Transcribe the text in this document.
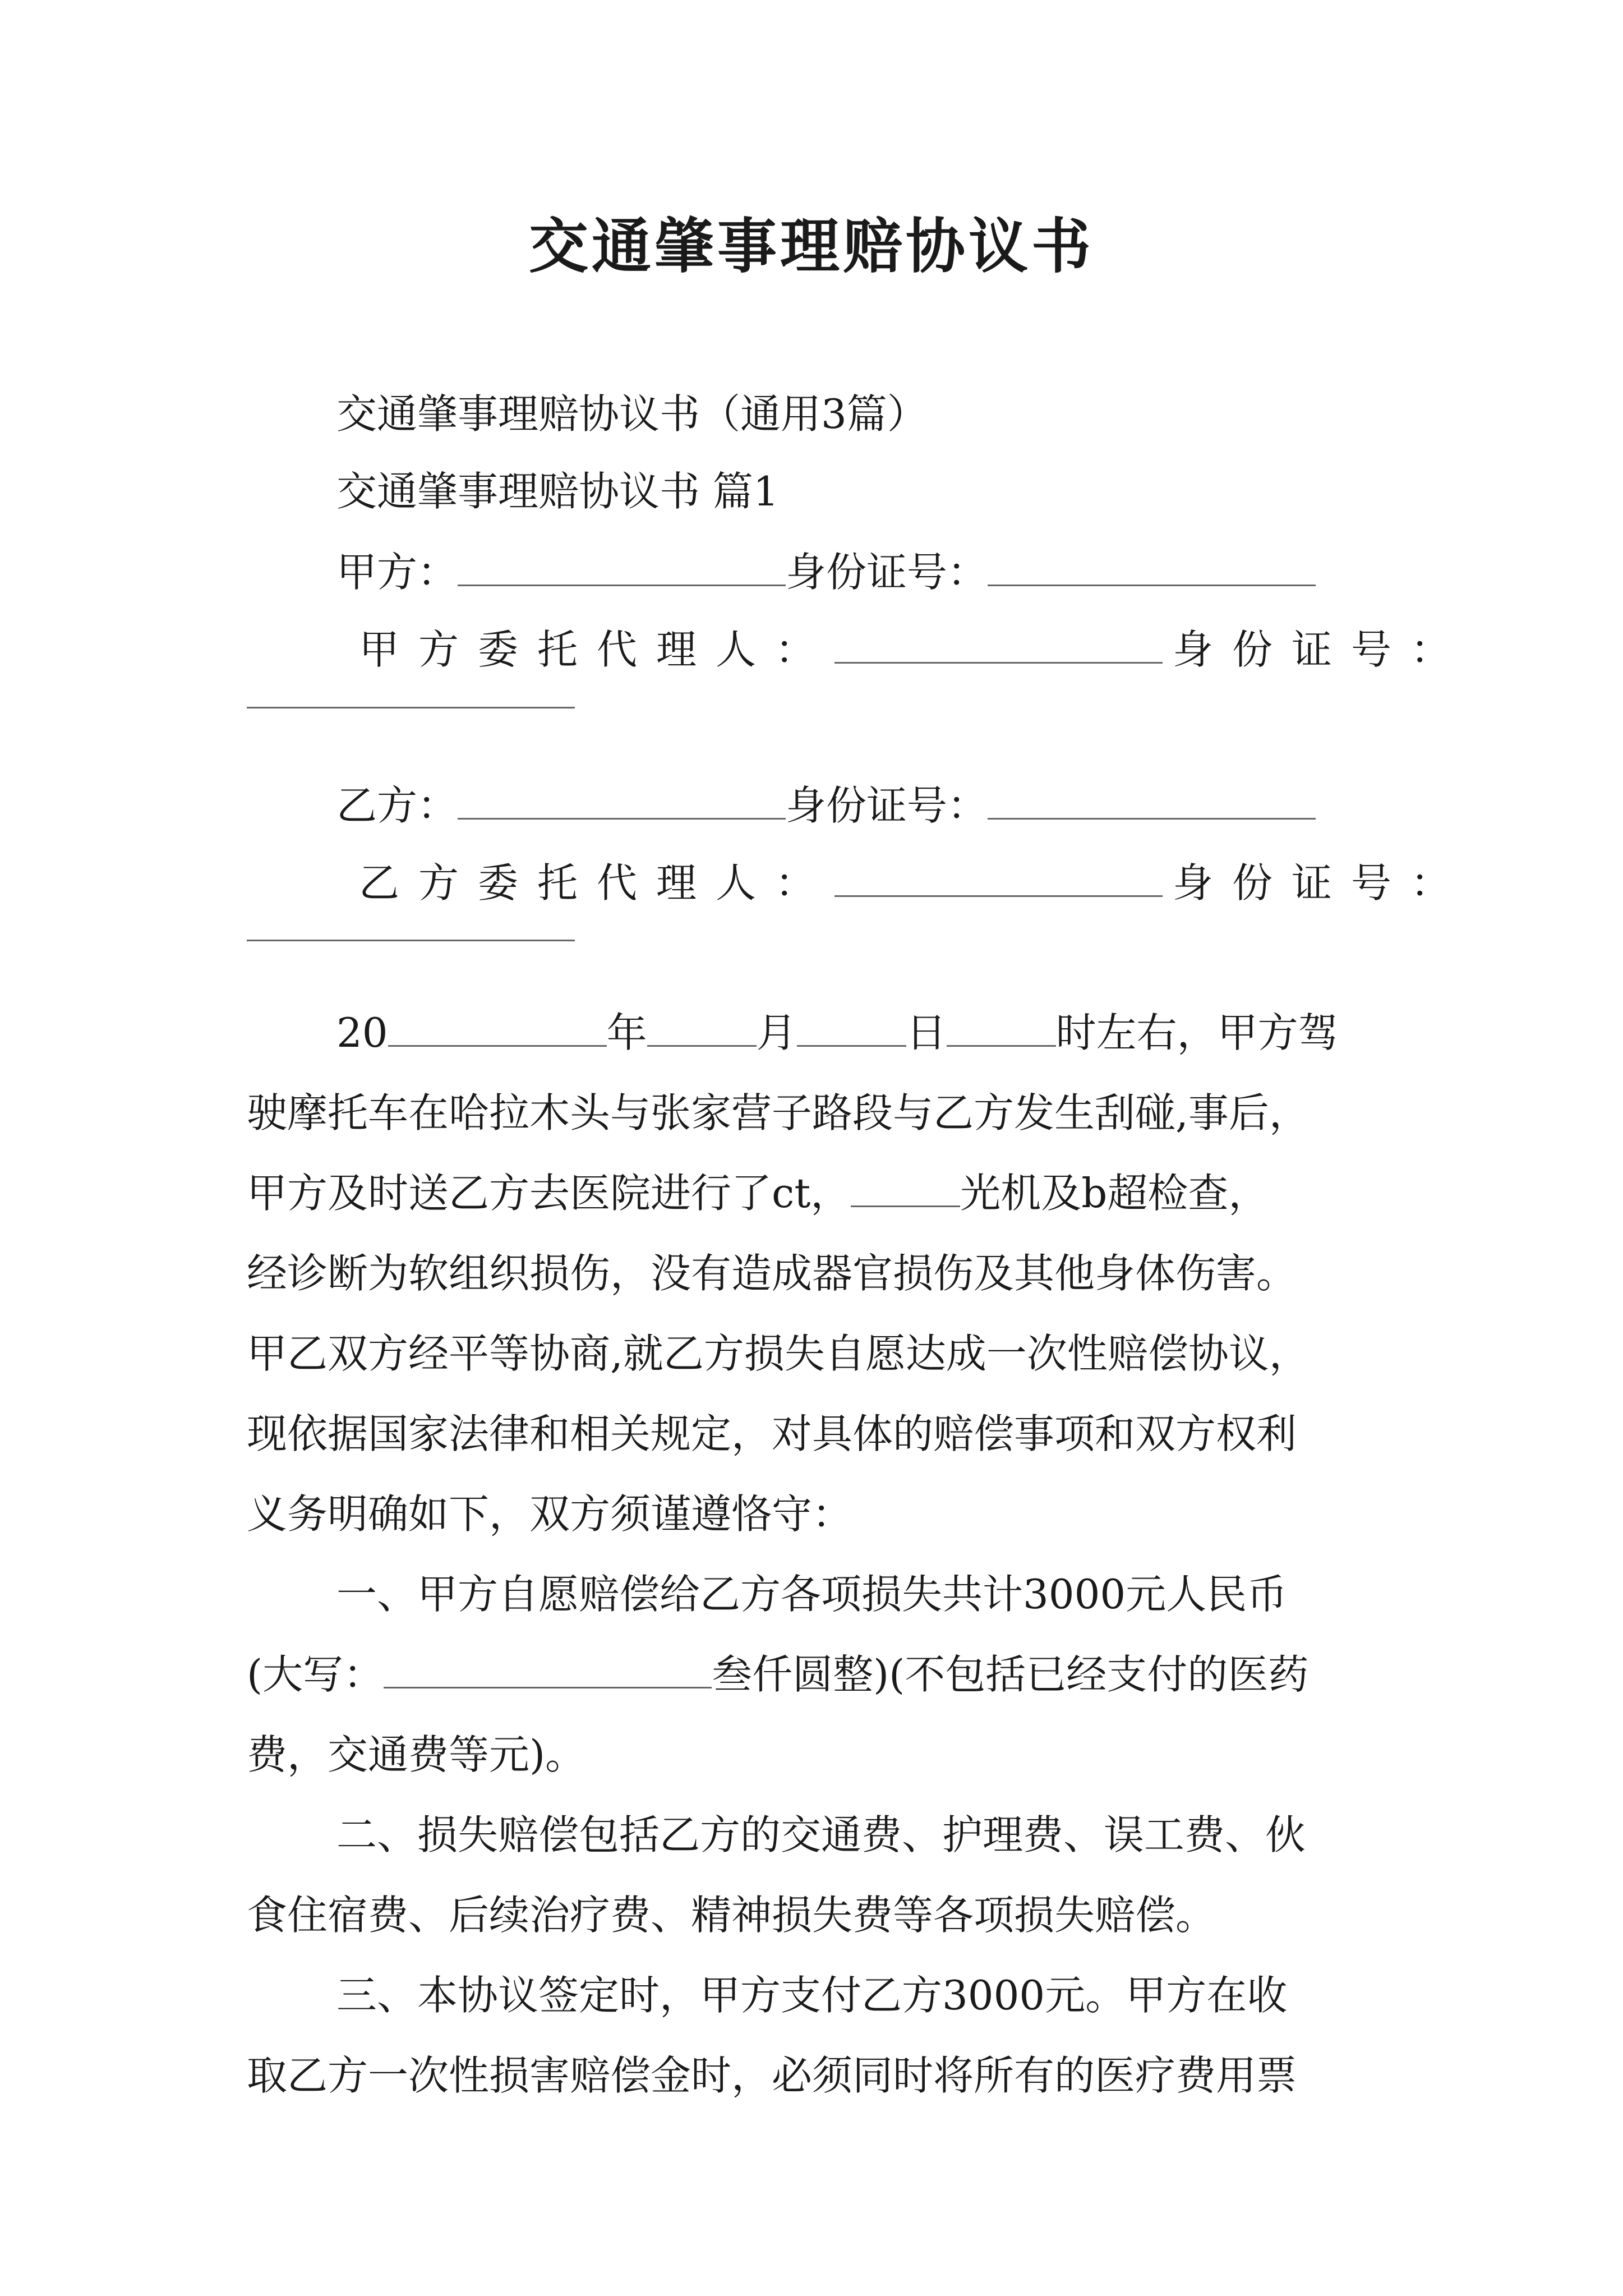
交通肇事理赔协议书
交通肇事理赔协议书（通用3篇）
交通肇事理赔协议书 篇1
甲方：	身份证号：
甲方委托代理人：	身份证号：
乙方：	身份证号：
乙方委托代理人：	身份证号：
20	年	月	日	时左右，甲方驾
驶摩托车在哈拉木头与张家营子路段与乙方发生刮碰,事后，
甲方及时送乙方去医院进行了ct，	光机及b超检查，
经诊断为软组织损伤，没有造成器官损伤及其他身体伤害。
甲乙双方经平等协商,就乙方损失自愿达成一次性赔偿协议，
现依据国家法律和相关规定，对具体的赔偿事项和双方权利
义务明确如下，双方须谨遵恪守：
一、甲方自愿赔偿给乙方各项损失共计3000元人民币
(大写：	叁仟圆整)(不包括已经支付的医药
费，交通费等元)。
二、损失赔偿包括乙方的交通费、护理费、误工费、伙
食住宿费、后续治疗费、精神损失费等各项损失赔偿。
三、本协议签定时，甲方支付乙方3000元。甲方在收
取乙方一次性损害赔偿金时，必须同时将所有的医疗费用票
